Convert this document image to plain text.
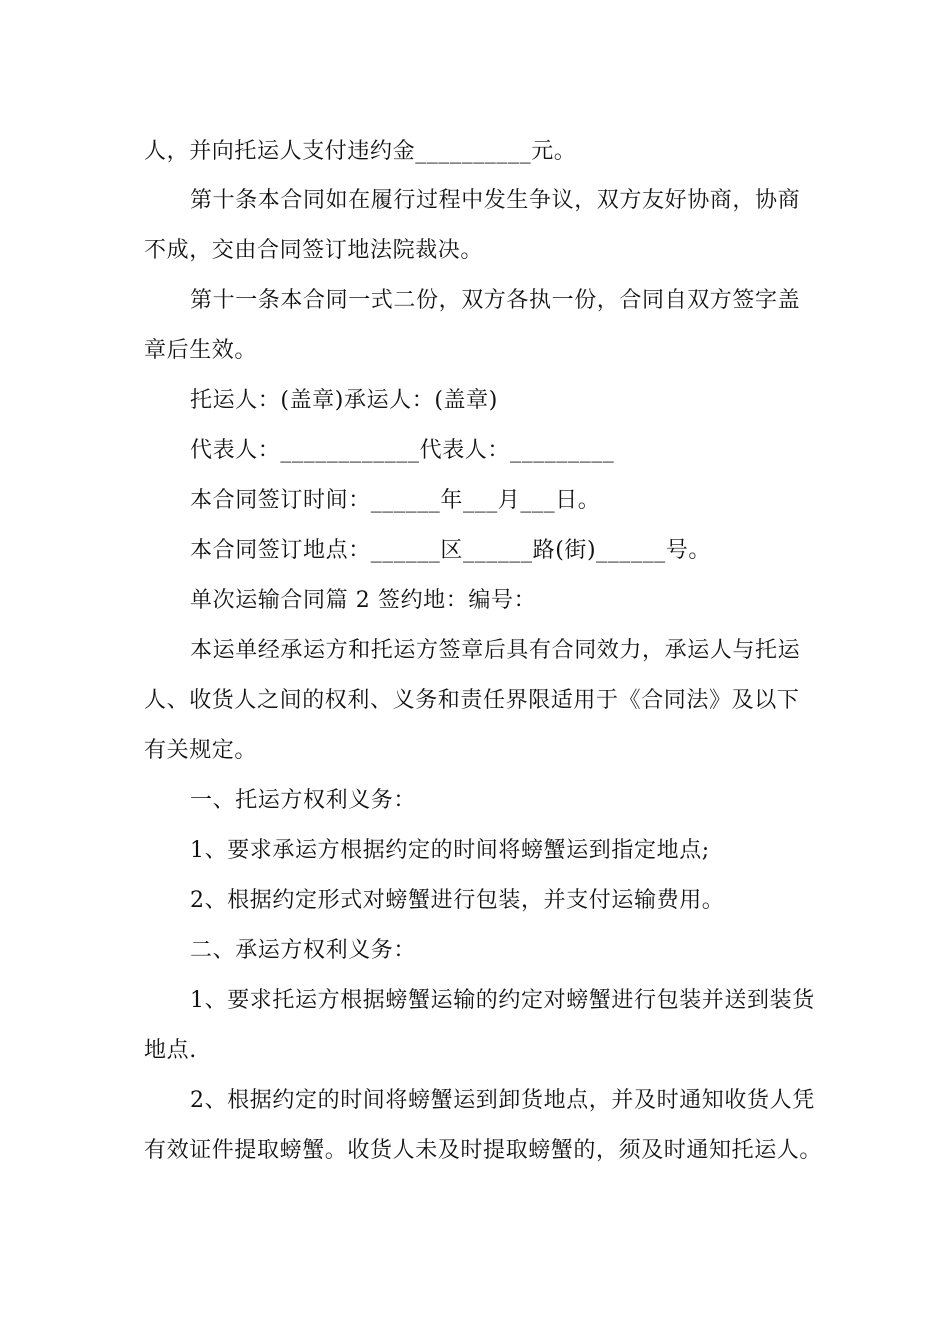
人，并向托运人支付违约金__________元。

第十条本合同如在履行过程中发生争议，双方友好协商，协商

不成，交由合同签订地法院裁决。

第十一条本合同一式二份，双方各执一份，合同自双方签字盖

章后生效。

托运人：(盖章)承运人：(盖章)

代表人：____________代表人：_________

本合同签订时间：______年___月___日。

本合同签订地点：______区______路(街)______号。

单次运输合同篇 2 签约地：编号：

本运单经承运方和托运方签章后具有合同效力，承运人与托运

人、收货人之间的权利、义务和责任界限适用于《合同法》及以下

有关规定。

一、托运方权利义务：

1、要求承运方根据约定的时间将螃蟹运到指定地点;

2、根据约定形式对螃蟹进行包装，并支付运输费用。

二、承运方权利义务：

1、要求托运方根据螃蟹运输的约定对螃蟹进行包装并送到装货

地点.

2、根据约定的时间将螃蟹运到卸货地点，并及时通知收货人凭

有效证件提取螃蟹。收货人未及时提取螃蟹的，须及时通知托运人。
